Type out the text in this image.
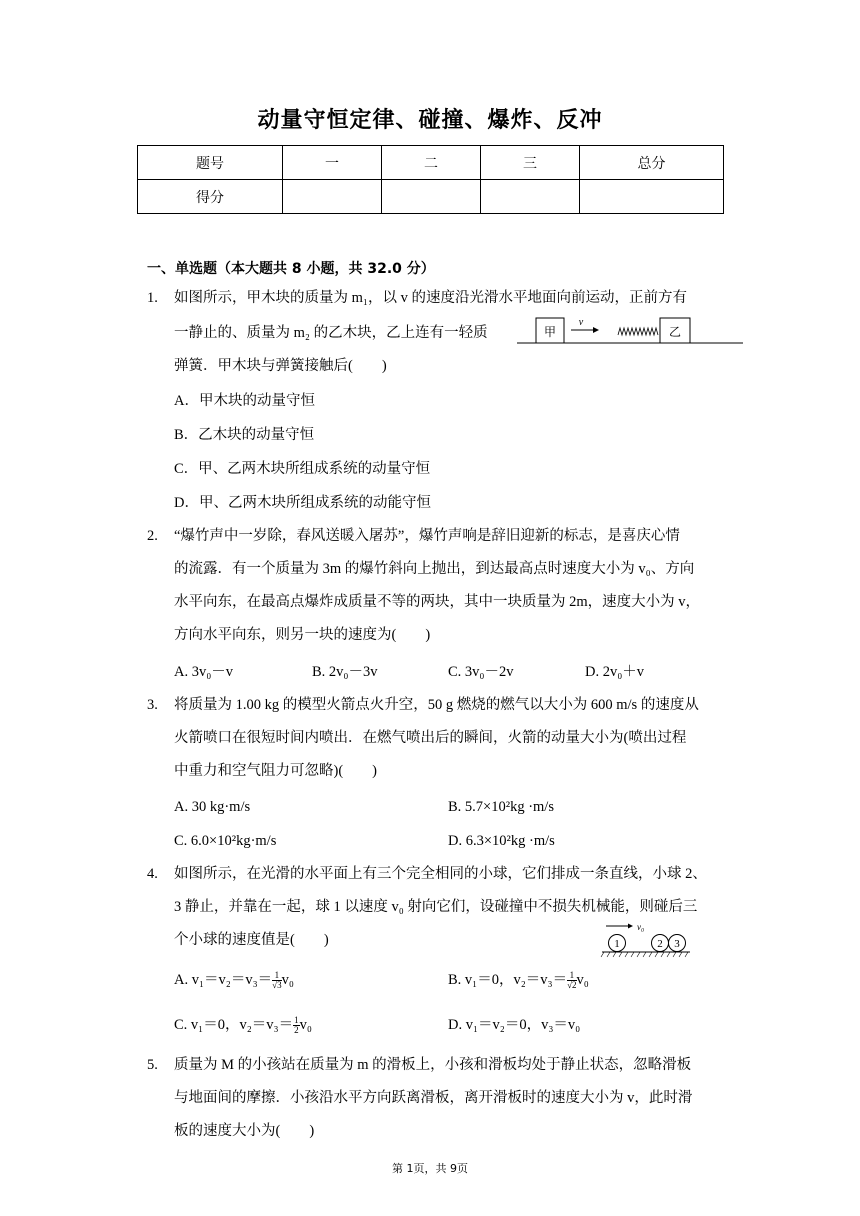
动量守恒定律、碰撞、爆炸、反冲
题号	一	二	三	总分
得分				
一、单选题（本大题共 8 小题，共 32.0 分）
1.	如图所示，甲木块的质量为 m₁，以 v 的速度沿光滑水平地面向前运动，正前方有
一静止的、质量为 m₂ 的乙木块，乙上连有一轻质
弹簧．甲木块与弹簧接触后(　　)
甲
v
乙
A．甲木块的动量守恒
B．乙木块的动量守恒
C．甲、乙两木块所组成系统的动量守恒
D．甲、乙两木块所组成系统的动能守恒
2.	“爆竹声中一岁除，春风送暖入屠苏”，爆竹声响是辞旧迎新的标志，是喜庆心情
的流露．有一个质量为 3m 的爆竹斜向上抛出，到达最高点时速度大小为 v₀、方向
水平向东，在最高点爆炸成质量不等的两块，其中一块质量为 2m，速度大小为 v，
方向水平向东，则另一块的速度为(　　)
A. 3v₀－v	B. 2v₀－3v	C. 3v₀－2v	D. 2v₀＋v
3.	将质量为 1.00 kg 的模型火箭点火升空，50 g 燃烧的燃气以大小为 600 m/s 的速度从
火箭喷口在很短时间内喷出．在燃气喷出后的瞬间，火箭的动量大小为(喷出过程
中重力和空气阻力可忽略)(　　)
A. 30 kg·m/s	B. 5.7×10²kg ·m/s
C. 6.0×10²kg·m/s	D. 6.3×10²kg ·m/s
4.	如图所示，在光滑的水平面上有三个完全相同的小球，它们排成一条直线，小球 2、
3 静止，并靠在一起，球 1 以速度 v₀ 射向它们，设碰撞中不损失机械能，则碰后三
个小球的速度值是(　　)
v₀
1	2 3
A. $v_1=v_2=v_3= \frac{1}{√3} v_0$	B. v₁＝0，$v_2=v_3= \frac{1}{√2} v_0$
C. v₁＝0，$v_2=v_3= \frac{1}{2} v_0$	D. v₁＝v₂＝0，v₃＝v₀
5.	质量为 M 的小孩站在质量为 m 的滑板上，小孩和滑板均处于静止状态，忽略滑板
与地面间的摩擦．小孩沿水平方向跃离滑板，离开滑板时的速度大小为 v，此时滑
板的速度大小为(　　)
第 1页，共 9页
